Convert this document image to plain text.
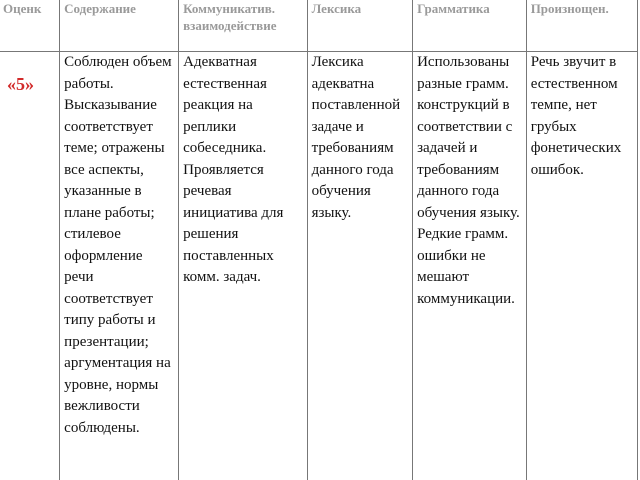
Оценк	Содержание	Коммуникатив. взаимодействие	Лексика	Грамматика	Произнощен.

«5»	Соблюден объем работы. Высказывание соответствует теме; отражены все аспекты, указанные в плане работы; стилевое оформление речи соответствует типу работы и презентации; аргументация на уровне, нормы вежливости соблюдены.	Адекватная естественная реакция на реплики собеседника. Проявляется речевая инициатива для решения поставленных комм. задач.	Лексика адекватна поставленной задаче и требованиям данного года обучения языку.	Использованы разные грамм. конструкций в соответствии с задачей и требованиям данного года обучения языку. Редкие грамм. ошибки не мешают коммуникации.	Речь звучит в естественном темпе, нет грубых фонетических ошибок.
